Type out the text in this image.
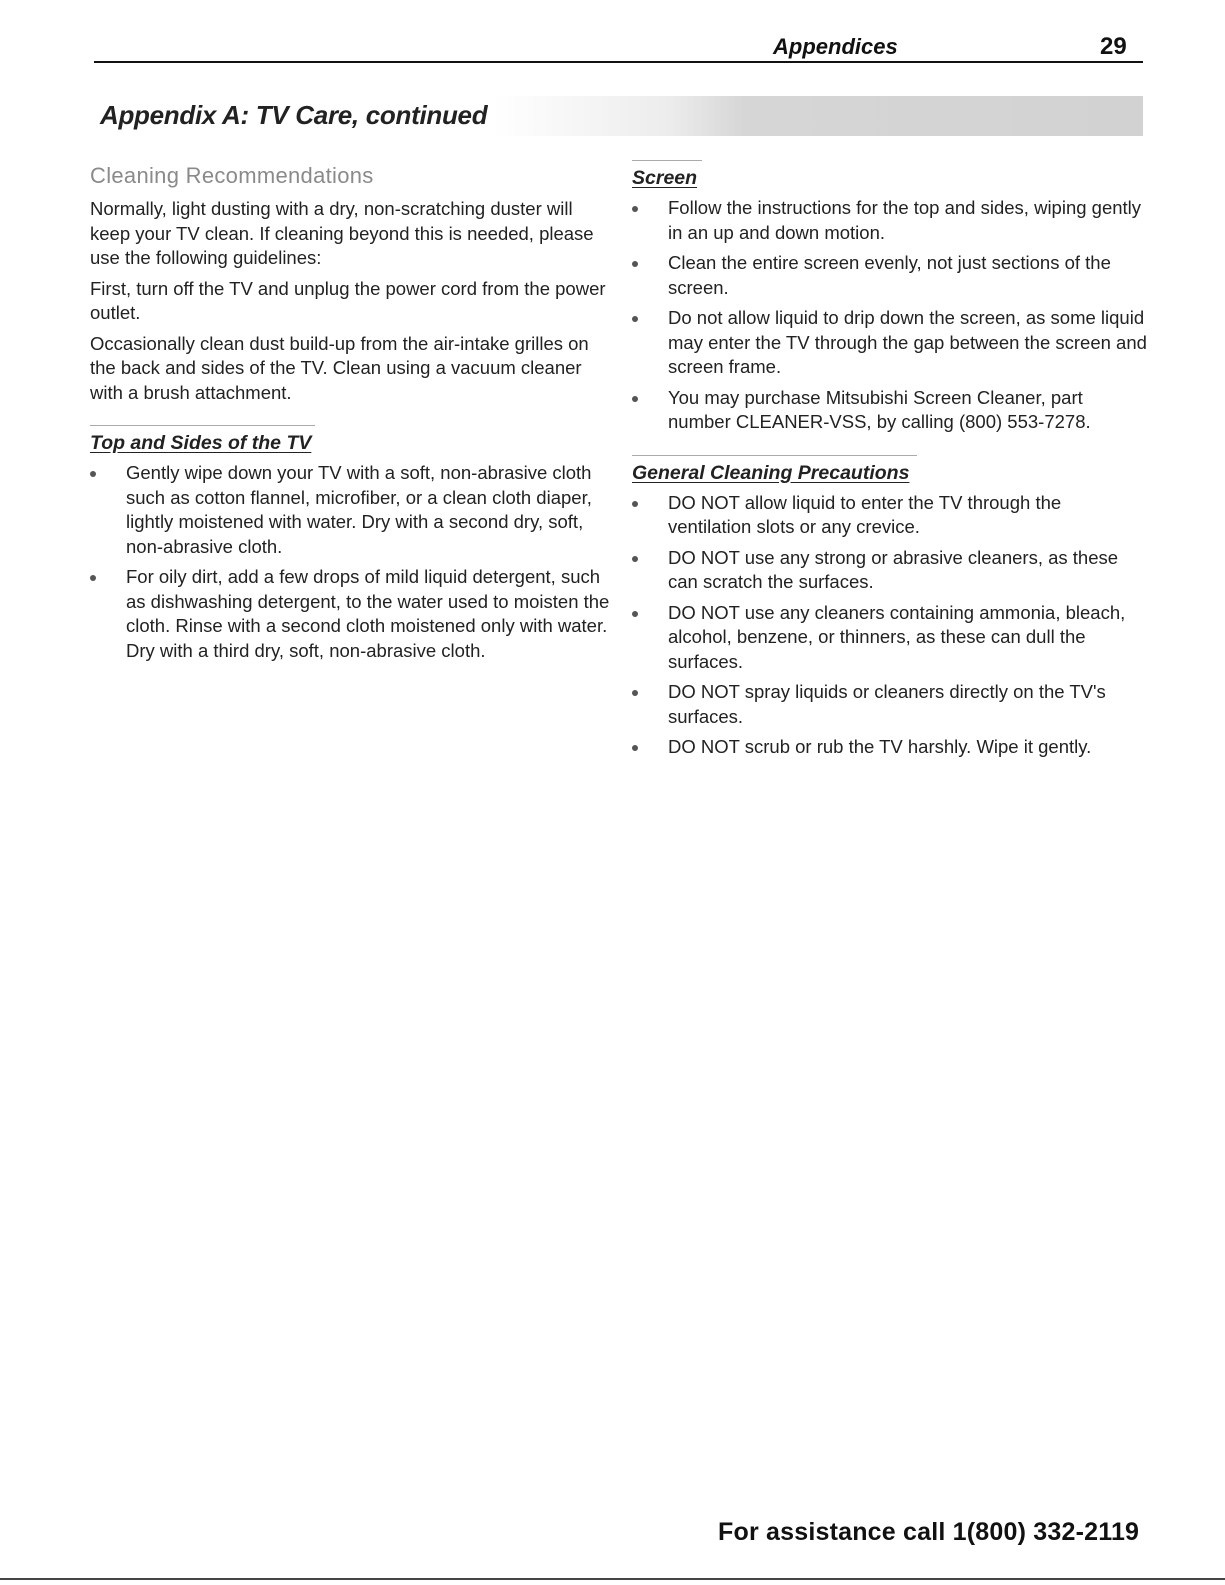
Appendices	29
Appendix A: TV Care, continued
Cleaning Recommendations

Normally, light dusting with a dry, non-scratching duster will keep your TV clean. If cleaning beyond this is needed, please use the following guidelines:

First, turn off the TV and unplug the power cord from the power outlet.

Occasionally clean dust build-up from the air-intake grilles on the back and sides of the TV. Clean using a vacuum cleaner with a brush attachment.

Top and Sides of the TV
Gently wipe down your TV with a soft, non-abrasive cloth such as cotton flannel, microfiber, or a clean cloth diaper, lightly moistened with water. Dry with a second dry, soft, non-abrasive cloth.
For oily dirt, add a few drops of mild liquid detergent, such as dishwashing detergent, to the water used to moisten the cloth. Rinse with a second cloth moistened only with water. Dry with a third dry, soft, non-abrasive cloth.
Screen
Follow the instructions for the top and sides, wiping gently in an up and down motion.
Clean the entire screen evenly, not just sections of the screen.
Do not allow liquid to drip down the screen, as some liquid may enter the TV through the gap between the screen and screen frame.
You may purchase Mitsubishi Screen Cleaner, part number CLEANER-VSS, by calling (800) 553-7278.
General Cleaning Precautions
DO NOT allow liquid to enter the TV through the ventilation slots or any crevice.
DO NOT use any strong or abrasive cleaners, as these can scratch the surfaces.
DO NOT use any cleaners containing ammonia, bleach, alcohol, benzene, or thinners, as these can dull the surfaces.
DO NOT spray liquids or cleaners directly on the TV's surfaces.
DO NOT scrub or rub the TV harshly. Wipe it gently.
For assistance call 1(800) 332-2119
